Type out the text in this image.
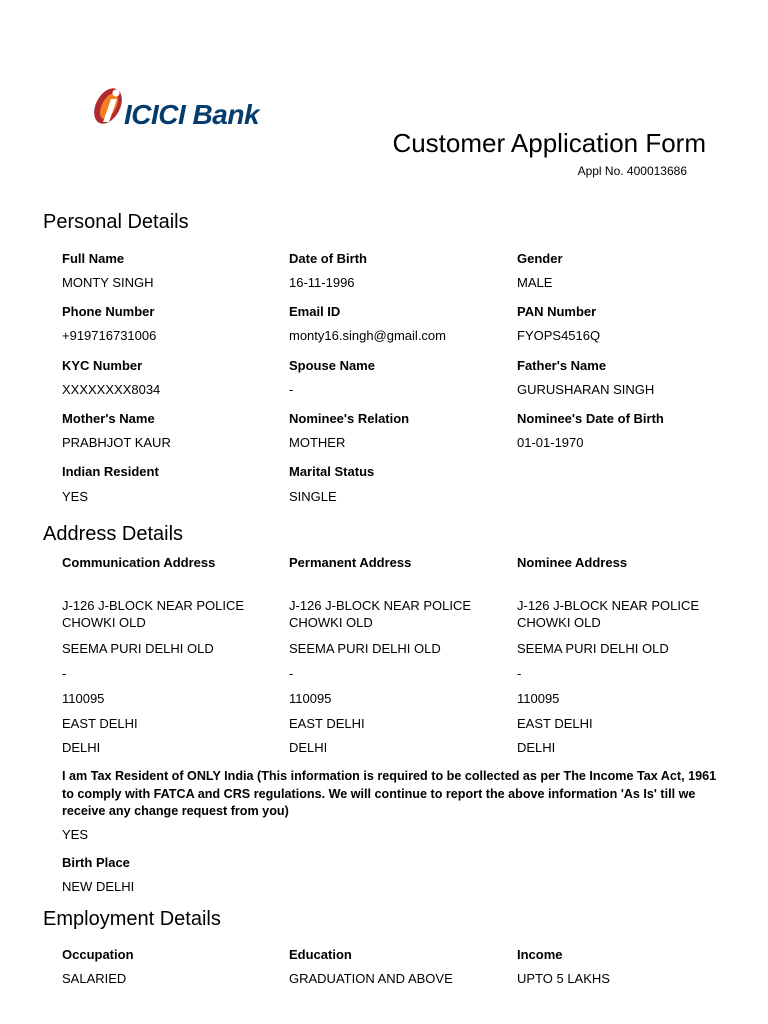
ICICI Bank
Customer Application Form
Appl No. 400013686
Personal Details
Full Name
MONTY SINGH
Date of Birth
16-11-1996
Gender
MALE
Phone Number
+919716731006
Email ID
monty16.singh@gmail.com
PAN Number
FYOPS4516Q
KYC Number
XXXXXXXX8034
Spouse Name
-
Father's Name
GURUSHARAN SINGH
Mother's Name
PRABHJOT KAUR
Nominee's Relation
MOTHER
Nominee's Date of Birth
01-01-1970
Indian Resident
YES
Marital Status
SINGLE
Address Details
Communication Address
J-126 J-BLOCK NEAR POLICE CHOWKI OLD
SEEMA PURI DELHI OLD
-
110095
EAST DELHI
DELHI
Permanent Address
J-126 J-BLOCK NEAR POLICE CHOWKI OLD
SEEMA PURI DELHI OLD
-
110095
EAST DELHI
DELHI
Nominee Address
J-126 J-BLOCK NEAR POLICE CHOWKI OLD
SEEMA PURI DELHI OLD
-
110095
EAST DELHI
DELHI
I am Tax Resident of ONLY India (This information is required to be collected as per The Income Tax Act, 1961 to comply with FATCA and CRS regulations. We will continue to report the above information 'As Is' till we receive any change request from you)
YES
Birth Place
NEW DELHI
Employment Details
Occupation
SALARIED
Education
GRADUATION AND ABOVE
Income
UPTO 5 LAKHS
